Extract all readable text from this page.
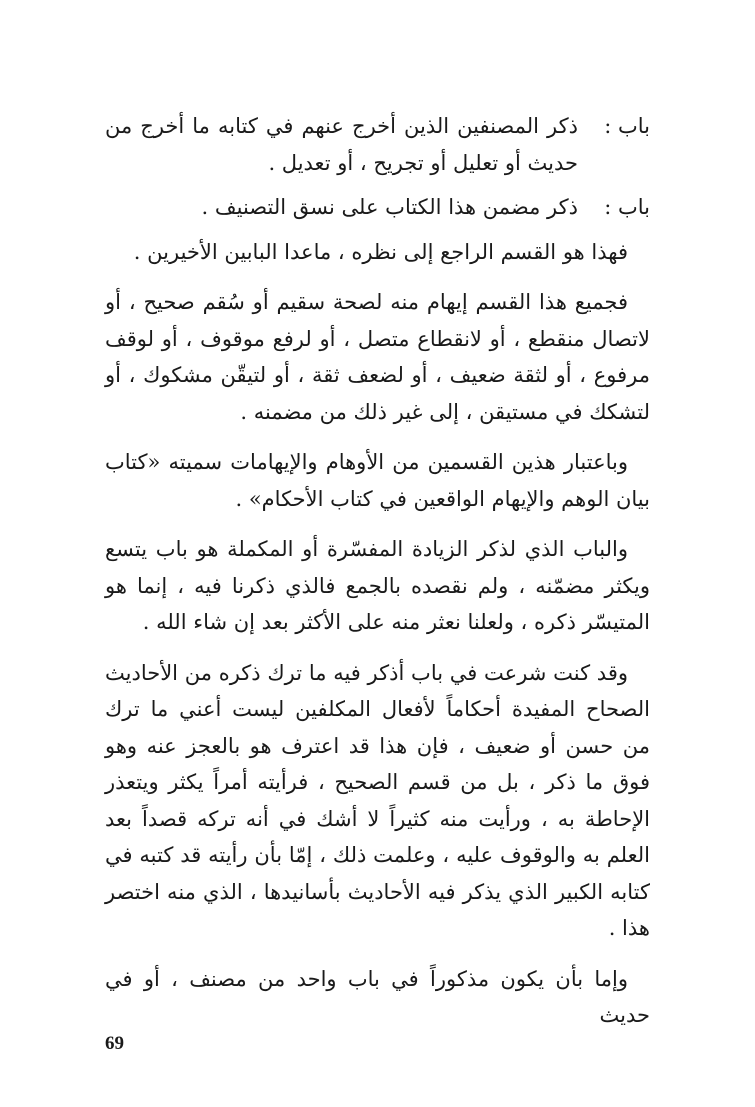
باب :
ذكر المصنفين الذين أخرج عنهم في كتابه ما أخرج من حديث أو تعليل أو تجريح ، أو تعديل .
باب :
ذكر مضمن هذا الكتاب على نسق التصنيف .

فهذا هو القسم الراجع إلى نظره ، ماعدا البابين الأخيرين .

فجميع هذا القسم إيهام منه لصحة سقيم أو سُقم صحيح ، أو لاتصال منقطع ، أو لانقطاع متصل ، أو لرفع موقوف ، أو لوقف مرفوع ، أو لثقة ضعيف ، أو لضعف ثقة ، أو لتيقّن مشكوك ، أو لتشكك في مستيقن ، إلى غير ذلك من مضمنه .

وباعتبار هذين القسمين من الأوهام والإيهامات سميته «كتاب بيان الوهم والإيهام الواقعين في كتاب الأحكام» .

والباب الذي لذكر الزيادة المفسّرة أو المكملة هو باب يتسع ويكثر مضمّنه ، ولم نقصده بالجمع فالذي ذكرنا فيه ، إنما هو المتيسّر ذكره ، ولعلنا نعثر منه على الأكثر بعد إن شاء الله .

وقد كنت شرعت في باب أذكر فيه ما ترك ذكره من الأحاديث الصحاح المفيدة أحكاماً لأفعال المكلفين ليست أعني ما ترك من حسن أو ضعيف ، فإن هذا قد اعترف هو بالعجز عنه وهو فوق ما ذكر ، بل من قسم الصحيح ، فرأيته أمراً يكثر ويتعذر الإحاطة به ، ورأيت منه كثيراً لا أشك في أنه تركه قصداً بعد العلم به والوقوف عليه ، وعلمت ذلك ، إمّا بأن رأيته قد كتبه في كتابه الكبير الذي يذكر فيه الأحاديث بأسانيدها ، الذي منه اختصر هذا .

وإما بأن يكون مذكوراً في باب واحد من مصنف ، أو في حديث

69
